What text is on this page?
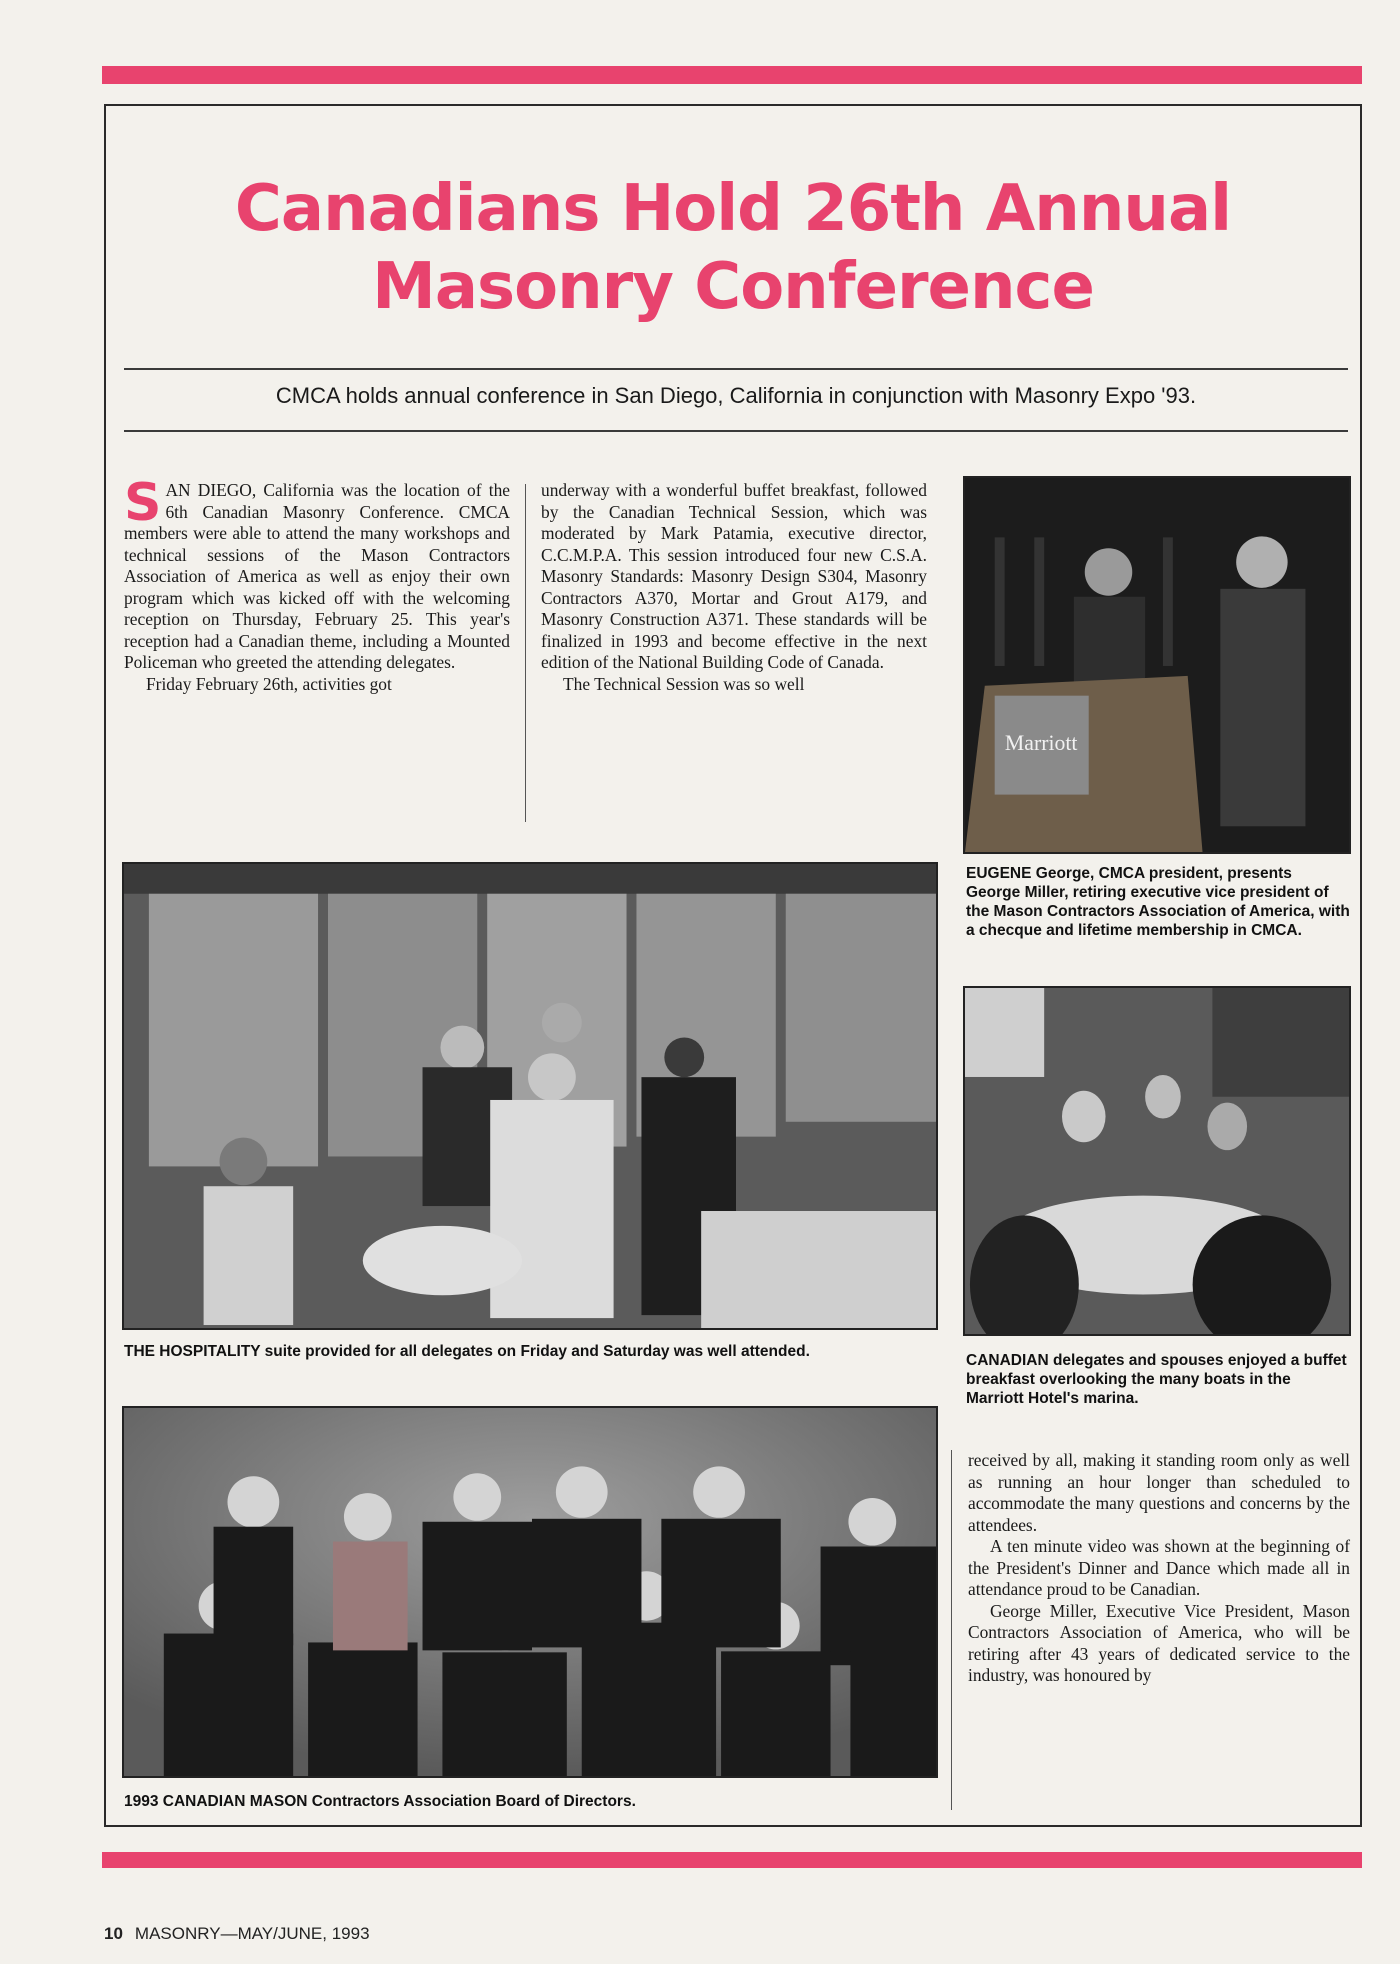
Canadians Hold 26th Annual
Masonry Conference

CMCA holds annual conference in San Diego, California in conjunction with Masonry Expo '93.

SAN DIEGO, California was the location of the 6th Canadian Masonry Conference. CMCA members were able to attend the many workshops and technical sessions of the Mason Contractors Association of America as well as enjoy their own program which was kicked off with the welcoming reception on Thursday, February 25. This year's reception had a Canadian theme, including a Mounted Policeman who greeted the attending delegates.

Friday February 26th, activities got

underway with a wonderful buffet breakfast, followed by the Canadian Technical Session, which was moderated by Mark Patamia, executive director, C.C.M.P.A. This session introduced four new C.S.A. Masonry Standards: Masonry Design S304, Masonry Contractors A370, Mortar and Grout A179, and Masonry Construction A371. These standards will be finalized in 1993 and become effective in the next edition of the National Building Code of Canada.

The Technical Session was so well

Marriott

EUGENE George, CMCA president, presents George Miller, retiring executive vice president of the Mason Contractors Association of America, with a checque and lifetime membership in CMCA.

CANADIAN delegates and spouses enjoyed a buffet breakfast overlooking the many boats in the Marriott Hotel's marina.

THE HOSPITALITY suite provided for all delegates on Friday and Saturday was well attended.

1993 CANADIAN MASON Contractors Association Board of Directors.

received by all, making it standing room only as well as running an hour longer than scheduled to accommodate the many questions and concerns by the attendees.

A ten minute video was shown at the beginning of the President's Dinner and Dance which made all in attendance proud to be Canadian.

George Miller, Executive Vice President, Mason Contractors Association of America, who will be retiring after 43 years of dedicated service to the industry, was honoured by

10 MASONRY—MAY/JUNE, 1993
